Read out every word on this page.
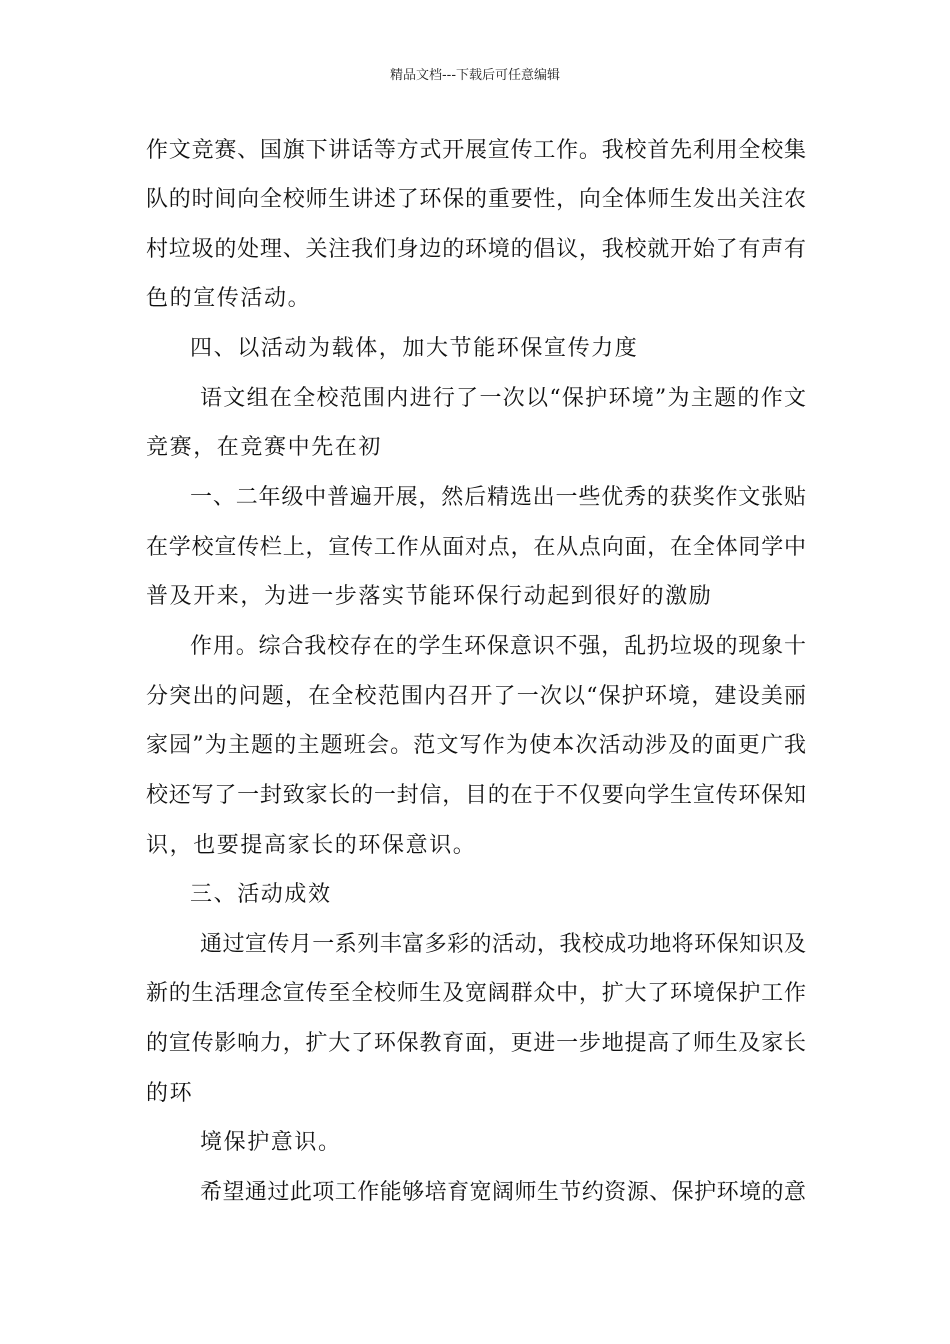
精品文档---下载后可任意编辑
作文竞赛、国旗下讲话等方式开展宣传工作。我校首先利用全校集
队的时间向全校师生讲述了环保的重要性，向全体师生发出关注农
村垃圾的处理、关注我们身边的环境的倡议，我校就开始了有声有
色的宣传活动。
四、以活动为载体，加大节能环保宣传力度
语文组在全校范围内进行了一次以“保护环境”为主题的作文
竞赛，在竞赛中先在初
一、二年级中普遍开展，然后精选出一些优秀的获奖作文张贴
在学校宣传栏上，宣传工作从面对点，在从点向面，在全体同学中
普及开来，为进一步落实节能环保行动起到很好的激励
作用。综合我校存在的学生环保意识不强，乱扔垃圾的现象十
分突出的问题，在全校范围内召开了一次以“保护环境，建设美丽
家园”为主题的主题班会。范文写作为使本次活动涉及的面更广我
校还写了一封致家长的一封信，目的在于不仅要向学生宣传环保知
识，也要提高家长的环保意识。
三、活动成效
通过宣传月一系列丰富多彩的活动，我校成功地将环保知识及
新的生活理念宣传至全校师生及宽阔群众中，扩大了环境保护工作
的宣传影响力，扩大了环保教育面，更进一步地提高了师生及家长
的环
境保护意识。
希望通过此项工作能够培育宽阔师生节约资源、保护环境的意
